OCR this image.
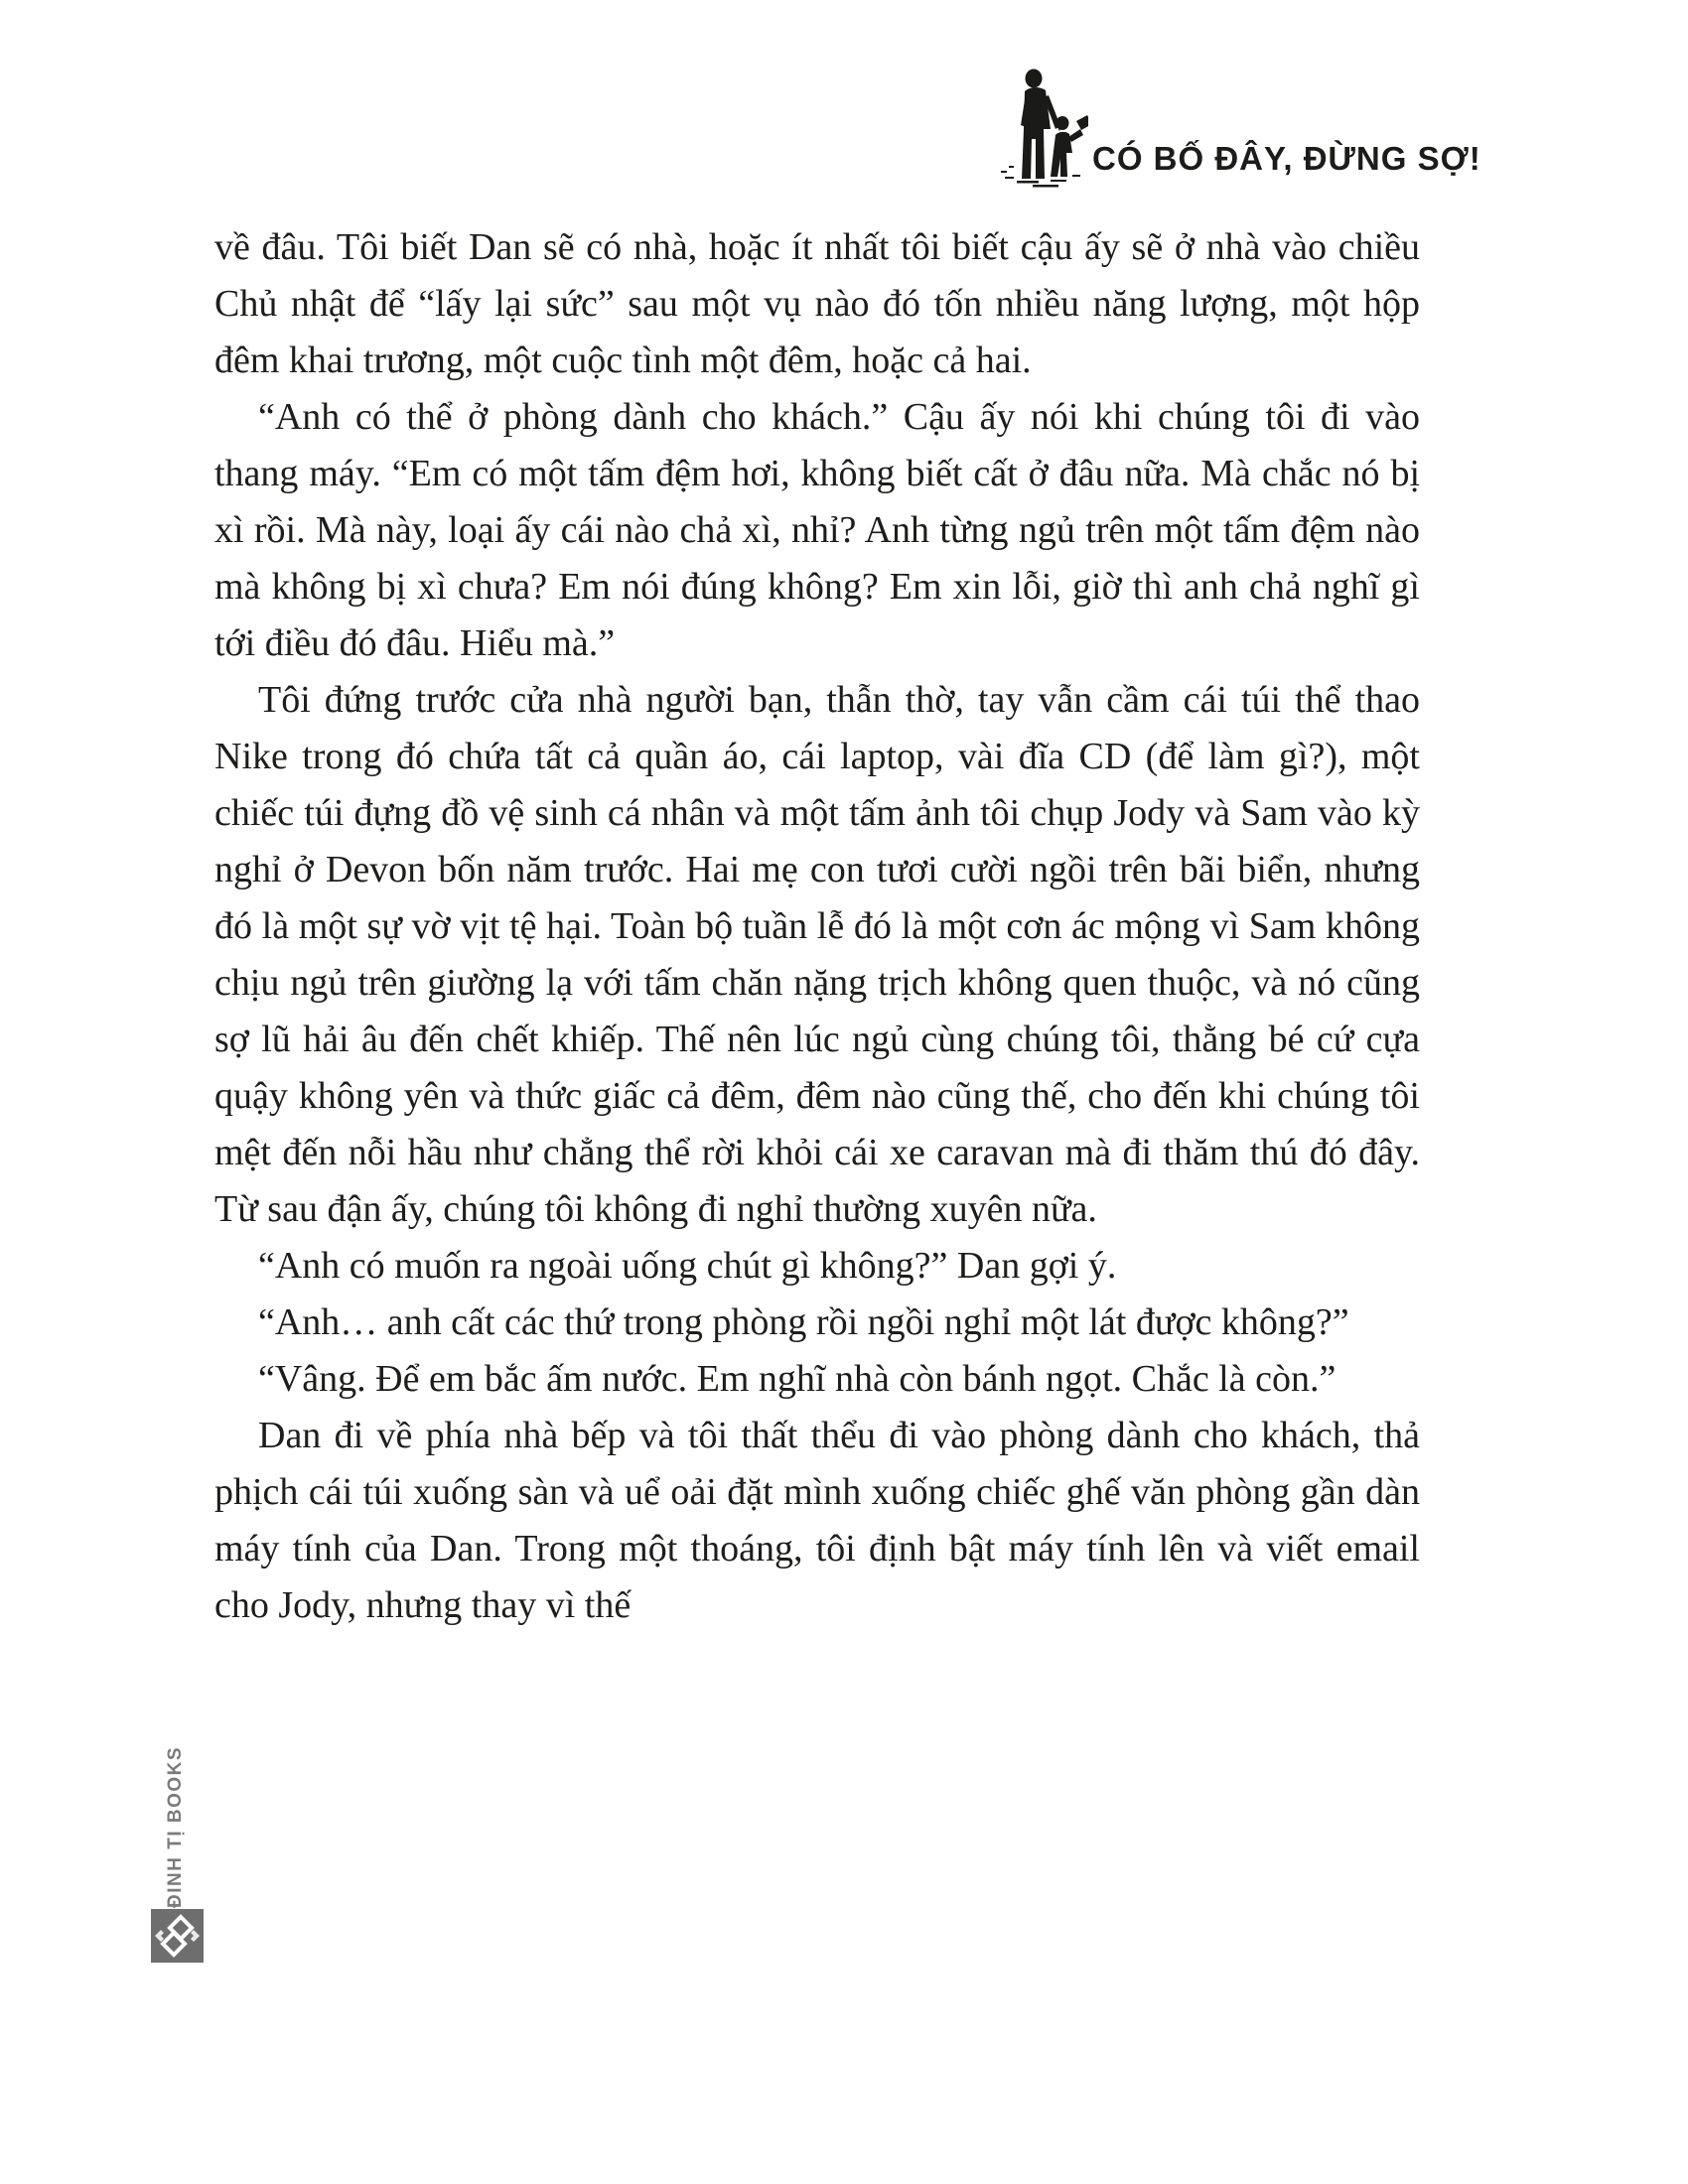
CÓ BỐ ĐÂY, ĐỪNG SỢ!

về đâu. Tôi biết Dan sẽ có nhà, hoặc ít nhất tôi biết cậu ấy sẽ ở nhà vào chiều Chủ nhật để “lấy lại sức” sau một vụ nào đó tốn nhiều năng lượng, một hộp đêm khai trương, một cuộc tình một đêm, hoặc cả hai.

“Anh có thể ở phòng dành cho khách.” Cậu ấy nói khi chúng tôi đi vào thang máy. “Em có một tấm đệm hơi, không biết cất ở đâu nữa. Mà chắc nó bị xì rồi. Mà này, loại ấy cái nào chả xì, nhỉ? Anh từng ngủ trên một tấm đệm nào mà không bị xì chưa? Em nói đúng không? Em xin lỗi, giờ thì anh chả nghĩ gì tới điều đó đâu. Hiểu mà.”

Tôi đứng trước cửa nhà người bạn, thẫn thờ, tay vẫn cầm cái túi thể thao Nike trong đó chứa tất cả quần áo, cái laptop, vài đĩa CD (để làm gì?), một chiếc túi đựng đồ vệ sinh cá nhân và một tấm ảnh tôi chụp Jody và Sam vào kỳ nghỉ ở Devon bốn năm trước. Hai mẹ con tươi cười ngồi trên bãi biển, nhưng đó là một sự vờ vịt tệ hại. Toàn bộ tuần lễ đó là một cơn ác mộng vì Sam không chịu ngủ trên giường lạ với tấm chăn nặng trịch không quen thuộc, và nó cũng sợ lũ hải âu đến chết khiếp. Thế nên lúc ngủ cùng chúng tôi, thằng bé cứ cựa quậy không yên và thức giấc cả đêm, đêm nào cũng thế, cho đến khi chúng tôi mệt đến nỗi hầu như chẳng thể rời khỏi cái xe caravan mà đi thăm thú đó đây. Từ sau đận ấy, chúng tôi không đi nghỉ thường xuyên nữa.

“Anh có muốn ra ngoài uống chút gì không?” Dan gợi ý.

“Anh… anh cất các thứ trong phòng rồi ngồi nghỉ một lát được không?”

“Vâng. Để em bắc ấm nước. Em nghĩ nhà còn bánh ngọt. Chắc là còn.”

Dan đi về phía nhà bếp và tôi thất thểu đi vào phòng dành cho khách, thả phịch cái túi xuống sàn và uể oải đặt mình xuống chiếc ghế văn phòng gần dàn máy tính của Dan. Trong một thoáng, tôi định bật máy tính lên và viết email cho Jody, nhưng thay vì thế

ĐINH TỊ BOOKS
